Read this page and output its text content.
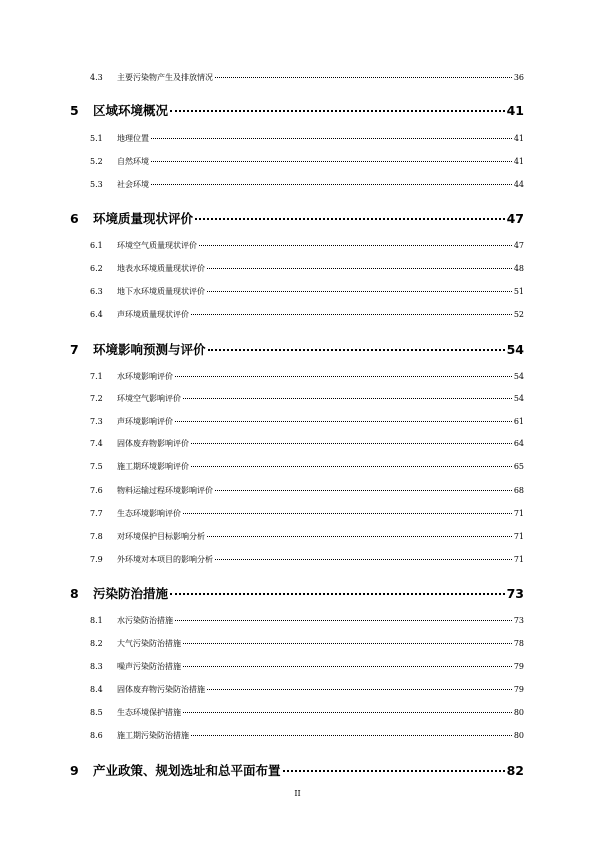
4.3	主要污染物产生及排放情况	36
5	区域环境概况	41
5.1	地理位置	41
5.2	自然环境	41
5.3	社会环境	44
6	环境质量现状评价	47
6.1	环境空气质量现状评价	47
6.2	地表水环境质量现状评价	48
6.3	地下水环境质量现状评价	51
6.4	声环境质量现状评价	52
7	环境影响预测与评价	54
7.1	水环境影响评价	54
7.2	环境空气影响评价	54
7.3	声环境影响评价	61
7.4	固体废弃物影响评价	64
7.5	施工期环境影响评价	65
7.6	物料运输过程环境影响评价	68
7.7	生态环境影响评价	71
7.8	对环境保护目标影响分析	71
7.9	外环境对本项目的影响分析	71
8	污染防治措施	73
8.1	水污染防治措施	73
8.2	大气污染防治措施	78
8.3	噪声污染防治措施	79
8.4	固体废弃物污染防治措施	79
8.5	生态环境保护措施	80
8.6	施工期污染防治措施	80
9	产业政策、规划选址和总平面布置	82
II
